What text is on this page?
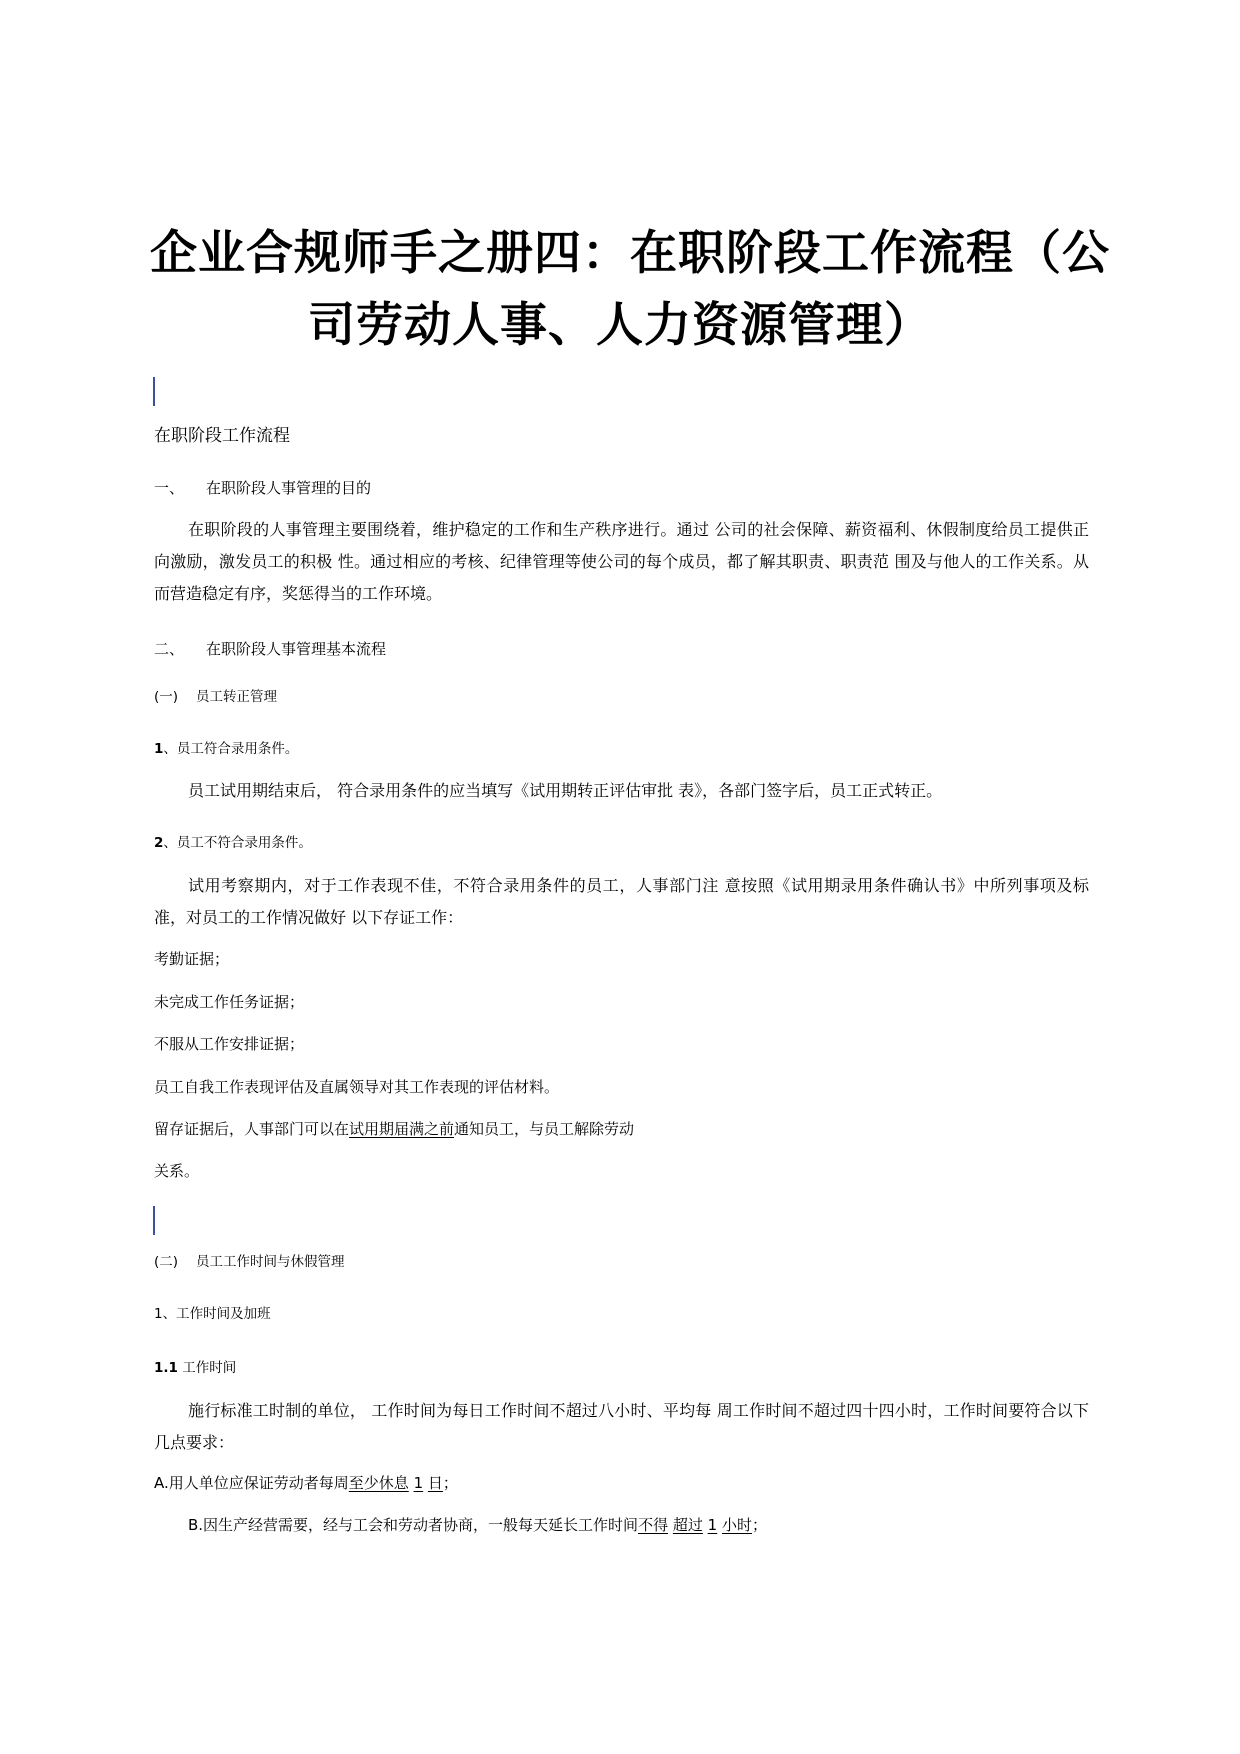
企业合规师手之册四：在职阶段工作流程（公
司劳动人事、人力资源管理）
在职阶段工作流程
一、 在职阶段人事管理的目的
在职阶段的人事管理主要围绕着，维护稳定的工作和生产秩序进行。通过 公司的社会保障、薪资福利、休假制度给员工提供正向激励，激发员工的积极 性。通过相应的考核、纪律管理等使公司的每个成员，都了解其职责、职责范 围及与他人的工作关系。从而营造稳定有序，奖惩得当的工作环境。
二、 在职阶段人事管理基本流程
(一) 员工转正管理
1、员工符合录用条件。
员工试用期结束后， 符合录用条件的应当填写《试用期转正评估审批 表》，各部门签字后，员工正式转正。
2、员工不符合录用条件。
试用考察期内，对于工作表现不佳，不符合录用条件的员工，人事部门注 意按照《试用期录用条件确认书》中所列事项及标准，对员工的工作情况做好 以下存证工作：
考勤证据；
未完成工作任务证据；
不服从工作安排证据；
员工自我工作表现评估及直属领导对其工作表现的评估材料。
留存证据后，人事部门可以在试用期届满之前通知员工，与员工解除劳动
关系。
(二) 员工工作时间与休假管理
1、工作时间及加班
1.1 工作时间
施行标准工时制的单位， 工作时间为每日工作时间不超过八小时、平均每 周工作时间不超过四十四小时，工作时间要符合以下几点要求：
A.用人单位应保证劳动者每周至少休息 1 日；
B.因生产经营需要，经与工会和劳动者协商，一般每天延长工作时间不得 超过 1 小时；
